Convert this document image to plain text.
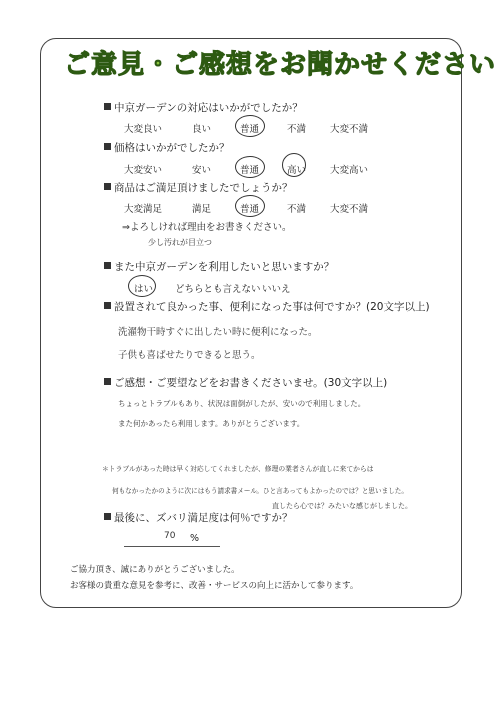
ご意見・ご感想をお聞かせください
中京ガーデンの対応はいかがでしたか？
大変良い	良い	普通	不満	大変不満
価格はいかがでしたか？
大変安い	安い	普通	高い	大変高い
商品はご満足頂けましたでしょうか？
大変満足	満足	普通	不満	大変不満
⇒よろしければ理由をお書きください。
少し汚れが目立つ
また中京ガーデンを利用したいと思いますか？
はい どちらとも言えない いいえ
設置されて良かった事、便利になった事は何ですか？(20文字以上)
洗濯物干時すぐに出したい時に便利になった。
子供も喜ばせたりできると思う。
ご感想・ご要望などをお書きくださいませ。(30文字以上)
ちょっとトラブルもあり、状況は面倒がしたが、安いので利用しました。
また何かあったら利用します。ありがとうございます。
＊トラブルがあった時は早く対応してくれましたが、修理の業者さんが直しに来てからは
何もなかったかのように次にはもう請求書メール。ひと言あってもよかったのでは？と思いました。
直したら心では？みたいな感じがしました。
最後に、ズバリ満足度は何％ですか？
70 %
ご協力頂き、誠にありがとうございました。
お客様の貴重な意見を参考に、改善・サービスの向上に活かして参ります。
